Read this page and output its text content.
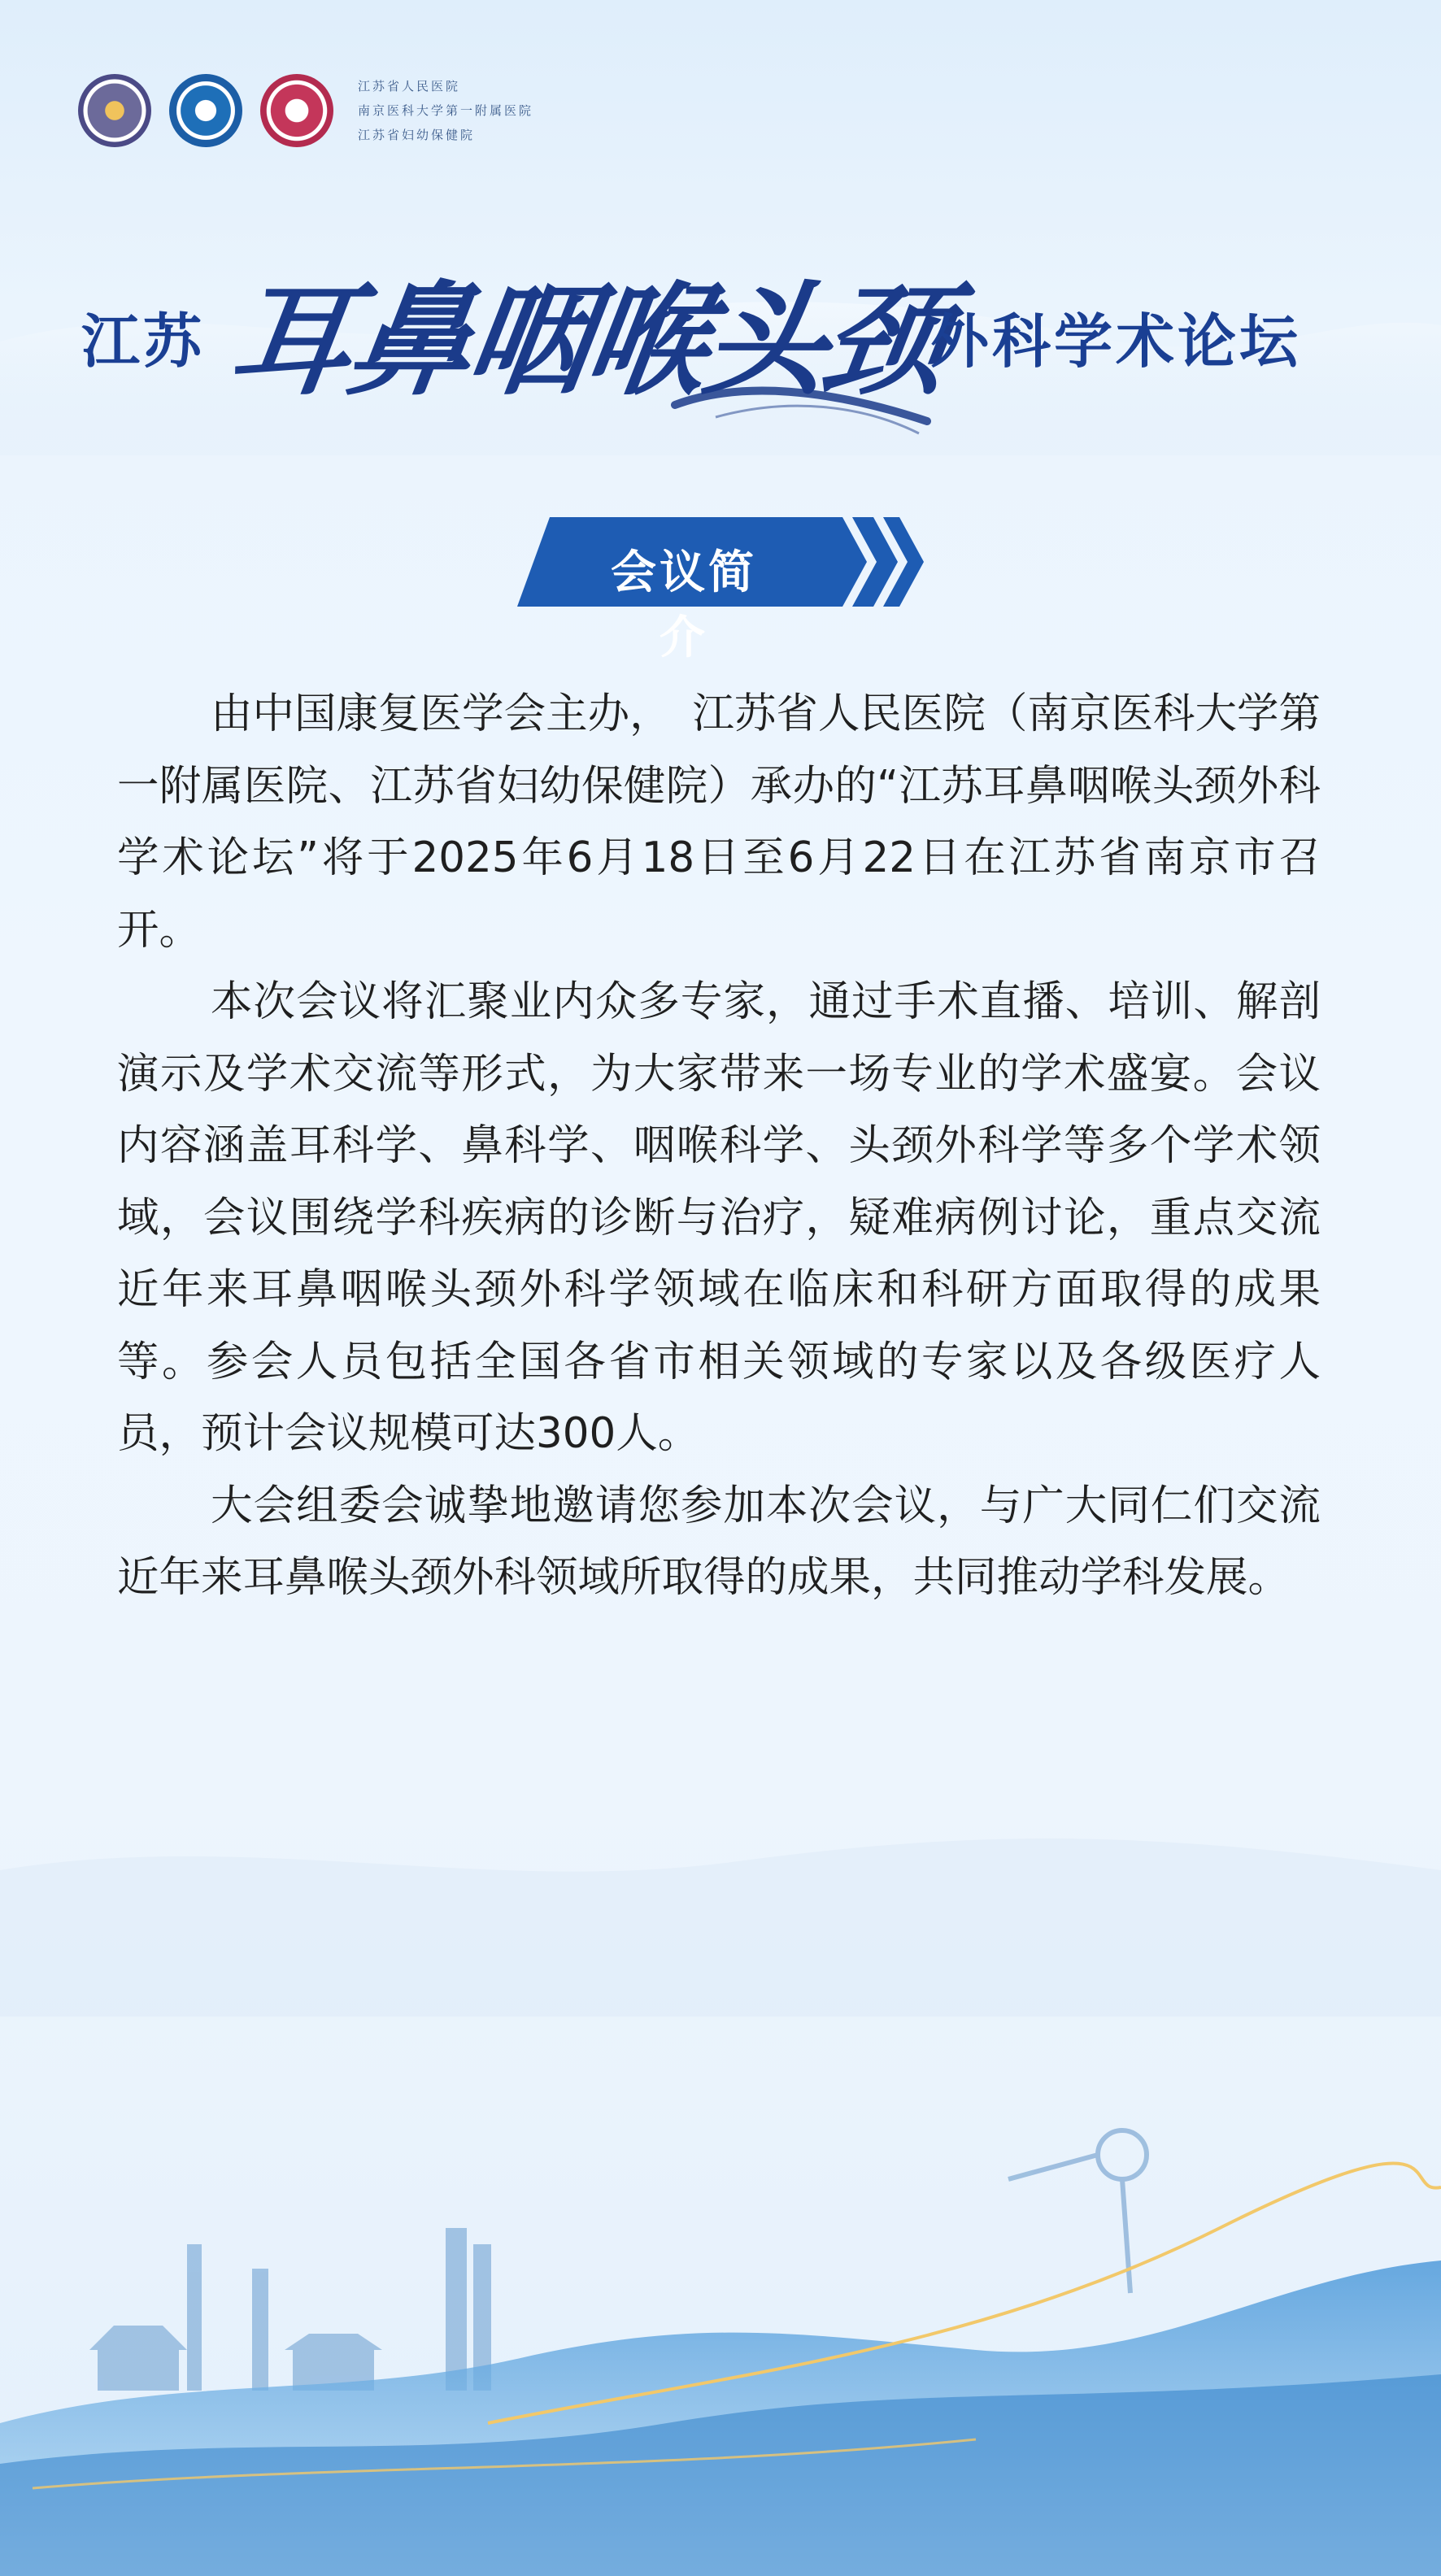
江苏省人民医院
南京医科大学第一附属医院
江苏省妇幼保健院
江苏 耳鼻咽喉头颈
外科学术论坛
会议简介

由中国康复医学会主办，　江苏省人民医院（南京医科大学第一附属医院、江苏省妇幼保健院）承办的“江苏耳鼻咽喉头颈外科学术论坛”将于2025年6月18日至6月22日在江苏省南京市召开。

本次会议将汇聚业内众多专家，通过手术直播、培训、解剖演示及学术交流等形式，为大家带来一场专业的学术盛宴。会议内容涵盖耳科学、鼻科学、咽喉科学、头颈外科学等多个学术领域，会议围绕学科疾病的诊断与治疗，疑难病例讨论，重点交流近年来耳鼻咽喉头颈外科学领域在临床和科研方面取得的成果等。参会人员包括全国各省市相关领域的专家以及各级医疗人员，预计会议规模可达300人。

大会组委会诚挚地邀请您参加本次会议，与广大同仁们交流近年来耳鼻喉头颈外科领域所取得的成果，共同推动学科发展。
